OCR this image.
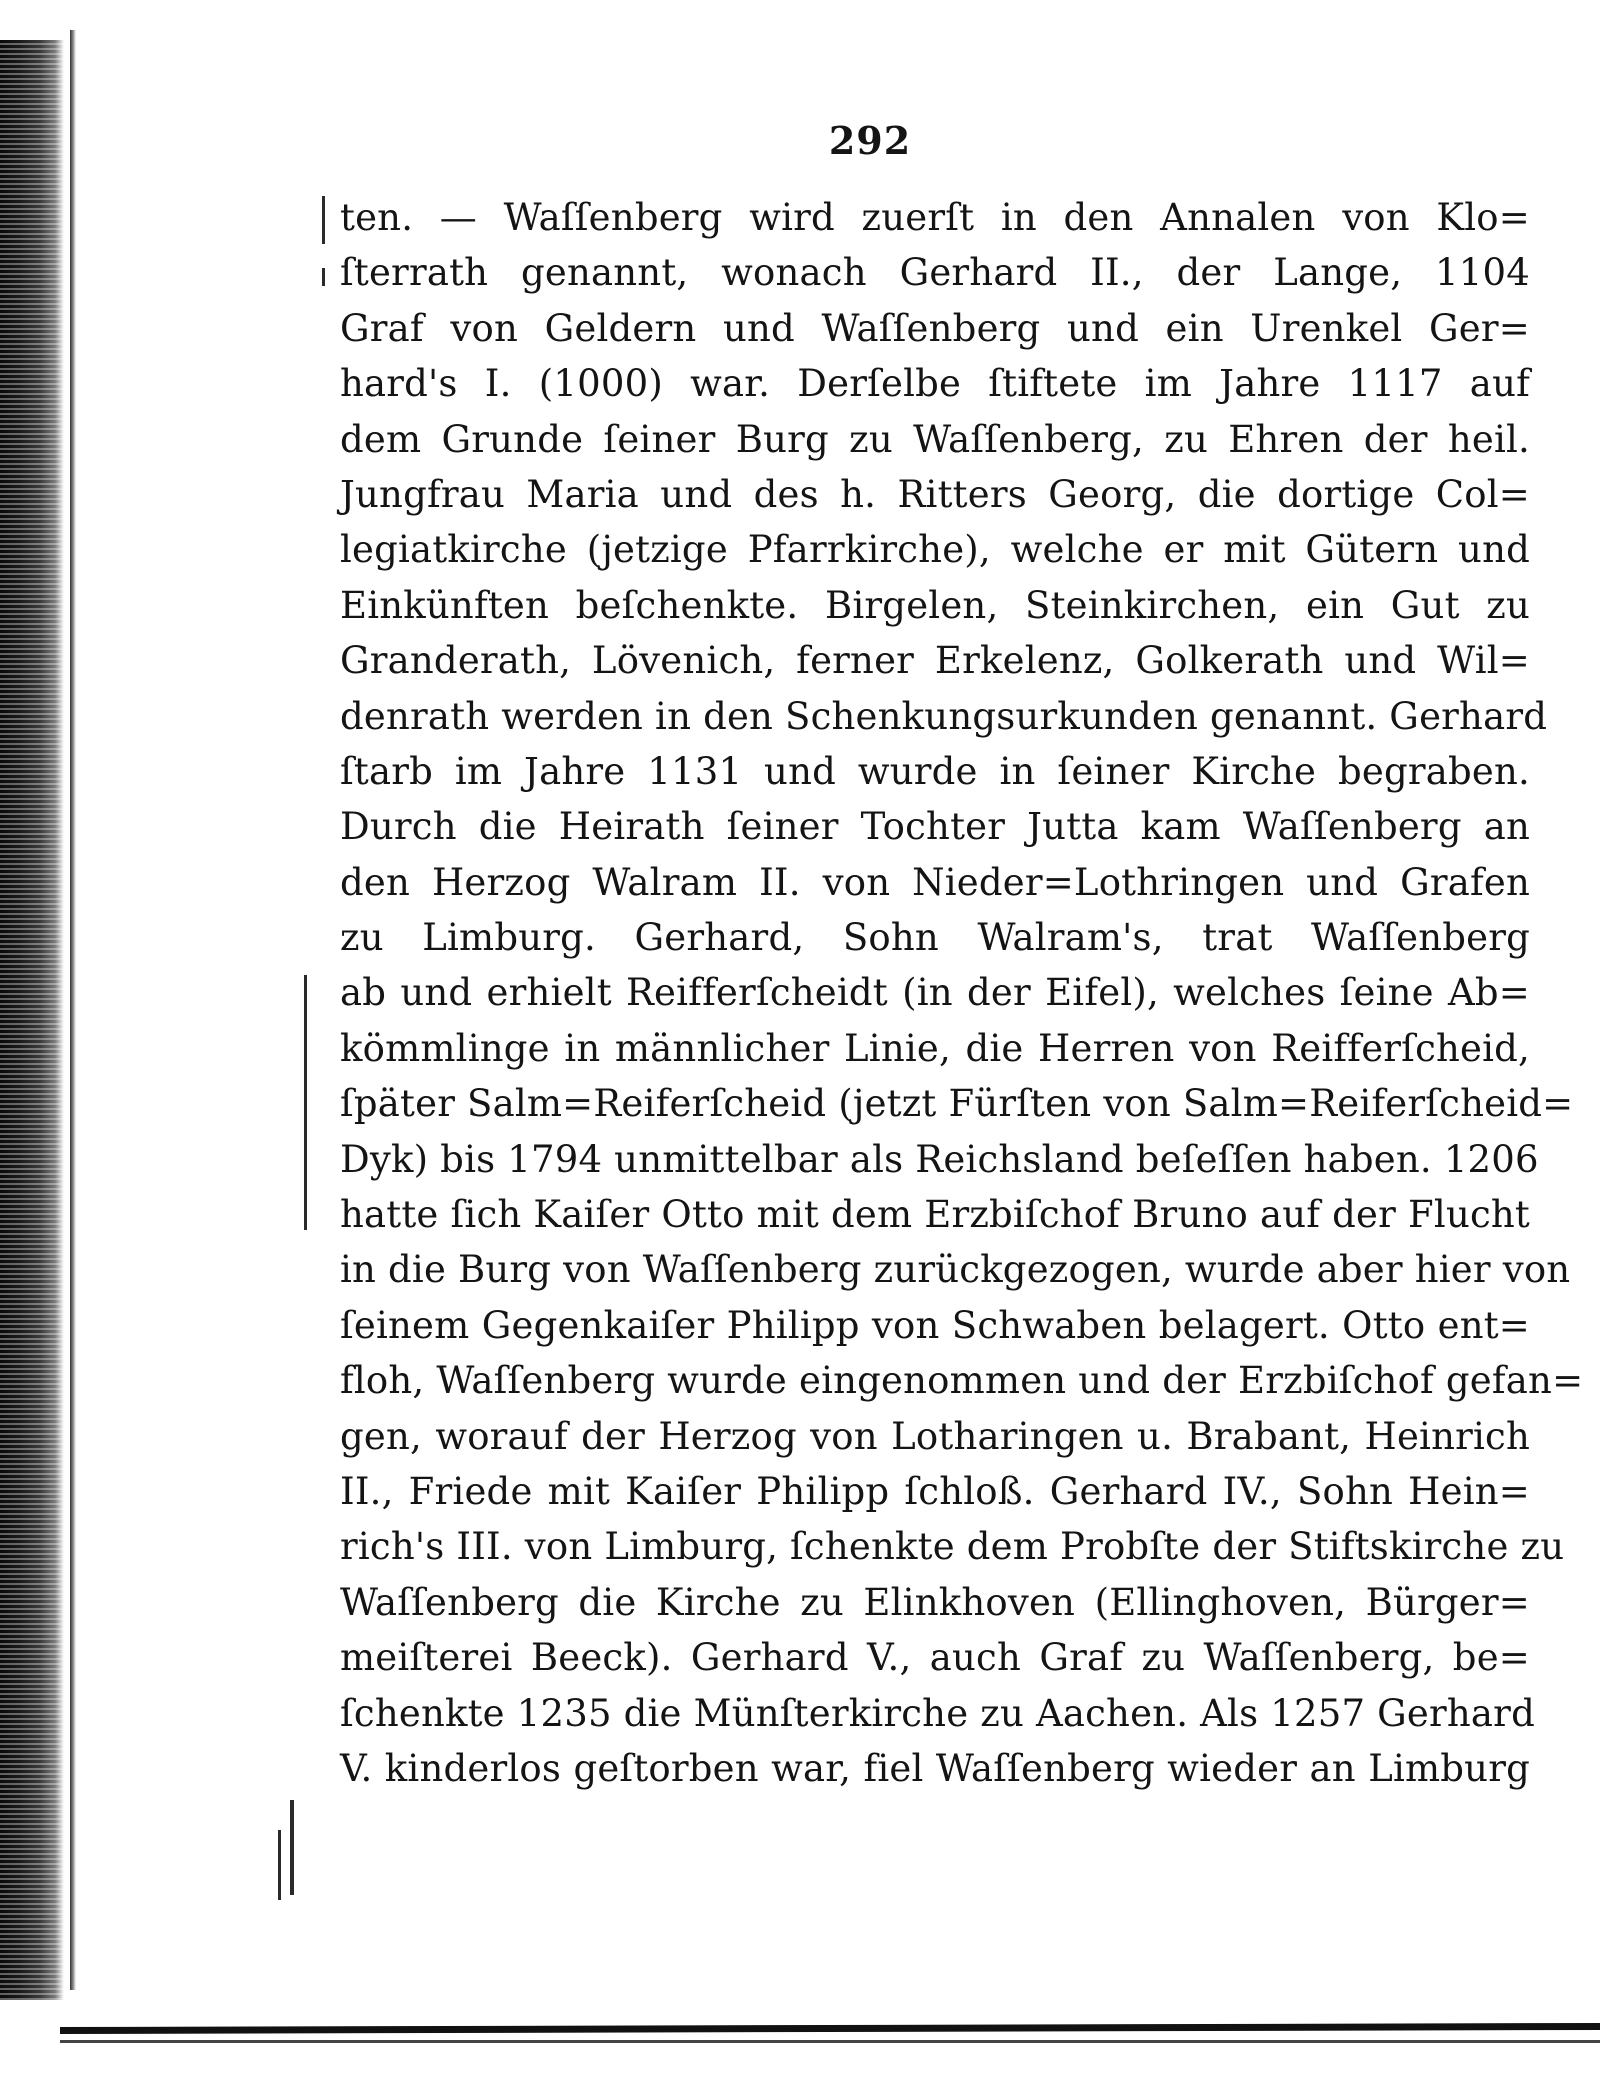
292
ten. — Waſſenberg wird zuerſt in den Annalen von Klo=
ſterrath genannt, wonach Gerhard II., der Lange, 1104
Graf von Geldern und Waſſenberg und ein Urenkel Ger=
hard's I. (1000) war. Derſelbe ſtiftete im Jahre 1117 auf
dem Grunde ſeiner Burg zu Waſſenberg, zu Ehren der heil.
Jungfrau Maria und des h. Ritters Georg, die dortige Col=
legiatkirche (jetzige Pfarrkirche), welche er mit Gütern und
Einkünften beſchenkte. Birgelen, Steinkirchen, ein Gut zu
Granderath, Lövenich, ferner Erkelenz, Golkerath und Wil=
denrath werden in den Schenkungsurkunden genannt. Gerhard
ſtarb im Jahre 1131 und wurde in ſeiner Kirche begraben.
Durch die Heirath ſeiner Tochter Jutta kam Waſſenberg an
den Herzog Walram II. von Nieder=Lothringen und Grafen
zu Limburg. Gerhard, Sohn Walram's, trat Waſſenberg
ab und erhielt Reifferſcheidt (in der Eifel), welches ſeine Ab=
kömmlinge in männlicher Linie, die Herren von Reifferſcheid,
ſpäter Salm=Reiferſcheid (jetzt Fürſten von Salm=Reiferſcheid=
Dyk) bis 1794 unmittelbar als Reichsland beſeſſen haben. 1206
hatte ſich Kaiſer Otto mit dem Erzbiſchof Bruno auf der Flucht
in die Burg von Waſſenberg zurückgezogen, wurde aber hier von
ſeinem Gegenkaiſer Philipp von Schwaben belagert. Otto ent=
floh, Waſſenberg wurde eingenommen und der Erzbiſchof gefan=
gen, worauf der Herzog von Lotharingen u. Brabant, Heinrich
II., Friede mit Kaiſer Philipp ſchloß. Gerhard IV., Sohn Hein=
rich's III. von Limburg, ſchenkte dem Probſte der Stiftskirche zu
Waſſenberg die Kirche zu Elinkhoven (Ellinghoven, Bürger=
meiſterei Beeck). Gerhard V., auch Graf zu Waſſenberg, be=
ſchenkte 1235 die Münſterkirche zu Aachen. Als 1257 Gerhard
V. kinderlos geſtorben war, fiel Waſſenberg wieder an Limburg
